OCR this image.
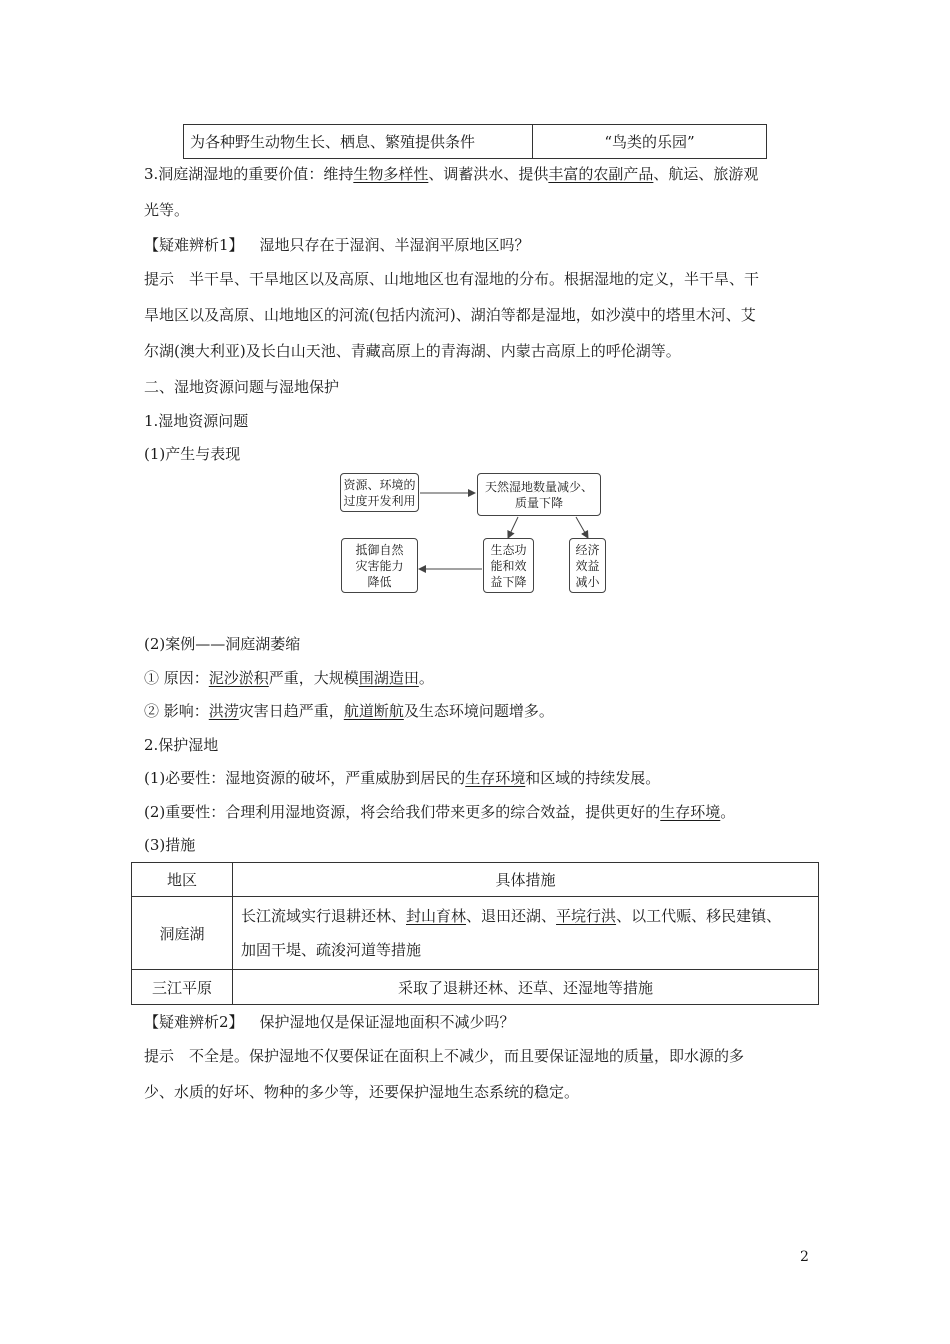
为各种野生动物生长、栖息、繁殖提供条件	“鸟类的乐园”
3.洞庭湖湿地的重要价值：维持生物多样性、调蓄洪水、提供丰富的农副产品、航运、旅游观
光等。
【疑难辨析1】 湿地只存在于湿润、半湿润平原地区吗？
提示　半干旱、干旱地区以及高原、山地地区也有湿地的分布。根据湿地的定义，半干旱、干
旱地区以及高原、山地地区的河流(包括内流河)、湖泊等都是湿地，如沙漠中的塔里木河、艾
尔湖(澳大利亚)及长白山天池、青藏高原上的青海湖、内蒙古高原上的呼伦湖等。
二、湿地资源问题与湿地保护
1.湿地资源问题
(1)产生与表现
资源、环境的
过度开发利用
天然湿地数量减少、
质量下降
生态功
能和效
益下降
经济
效益
减小
抵御自然
灾害能力
降低
(2)案例——洞庭湖萎缩
① 原因：泥沙淤积严重，大规模围湖造田。
② 影响：洪涝灾害日趋严重，航道断航及生态环境问题增多。
2.保护湿地
(1)必要性：湿地资源的破坏，严重威胁到居民的生存环境和区域的持续发展。
(2)重要性：合理利用湿地资源，将会给我们带来更多的综合效益，提供更好的生存环境。
(3)措施
地区	具体措施
洞庭湖	长江流域实行退耕还林、封山育林、退田还湖、平垸行洪、以工代赈、移民建镇、
加固干堤、疏浚河道等措施
三江平原	采取了退耕还林、还草、还湿地等措施
【疑难辨析2】 保护湿地仅是保证湿地面积不减少吗？
提示　不全是。保护湿地不仅要保证在面积上不减少，而且要保证湿地的质量，即水源的多
少、水质的好坏、物种的多少等，还要保护湿地生态系统的稳定。
2
